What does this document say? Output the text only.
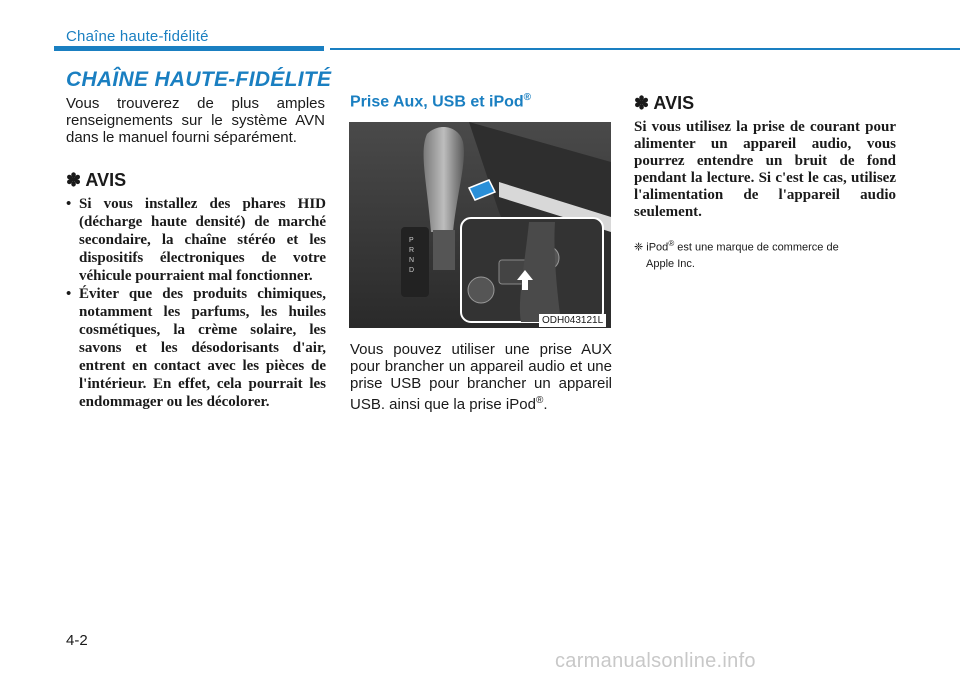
Chaîne haute-fidélité
CHAÎNE HAUTE-FIDÉLITÉ
Vous trouverez de plus amples renseignements sur le système AVN dans le manuel fourni séparément.
✽ AVIS
• Si vous installez des phares HID (décharge haute densité) de marché secondaire, la chaîne stéréo et les dispositifs électroniques de votre véhicule pourraient mal fonctionner.
• Éviter que des produits chimiques, notamment les parfums, les huiles cosmétiques, la crème solaire, les savons et les désodorisants d'air, entrent en contact avec les pièces de l'intérieur. En effet, cela pourrait les endommager ou les décolorer.
Prise Aux, USB et iPod®
P
R
N
D
ODH043121L
Vous pouvez utiliser une prise AUX pour brancher un appareil audio et une prise USB pour brancher un appareil USB. ainsi que la prise iPod®.
✽ AVIS
Si vous utilisez la prise de courant pour alimenter un appareil audio, vous pourrez entendre un bruit de fond pendant la lecture. Si c'est le cas, utilisez l'alimentation de l'appareil audio seulement.
❈ iPod® est une marque de commerce de
Apple Inc.
4-2
carmanualsonline.info
